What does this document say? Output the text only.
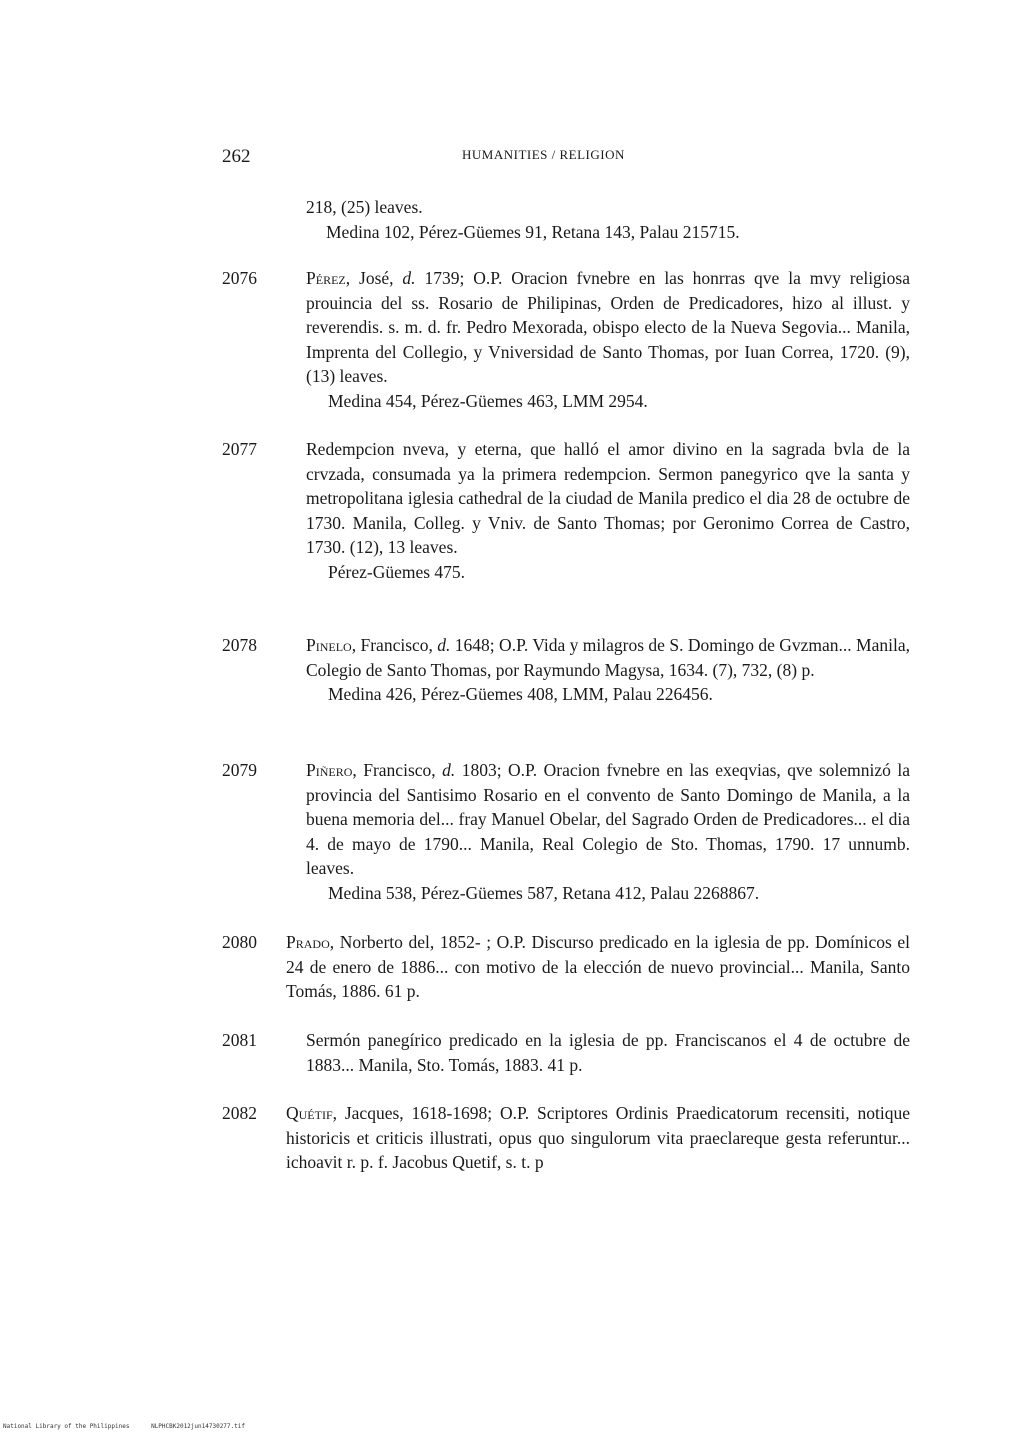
262	HUMANITIES / RELIGION

218, (25) leaves.

Medina 102, Pérez-Güemes 91, Retana 143, Palau 215715.

2076	Pérez, José, d. 1739; O.P. Oracion fvnebre en las honrras qve la mvy religiosa prouincia del ss. Rosario de Philipinas, Orden de Predicadores, hizo al illust. y reverendis. s. m. d. fr. Pedro Mexorada, obispo electo de la Nueva Segovia... Manila, Imprenta del Collegio, y Vniversidad de Santo Thomas, por Iuan Correa, 1720. (9), (13) leaves.

Medina 454, Pérez-Güemes 463, LMM 2954.

2077	Redempcion nveva, y eterna, que halló el amor divino en la sagrada bvla de la crvzada, consumada ya la primera redempcion. Sermon panegyrico qve la santa y metropolitana iglesia cathedral de la ciudad de Manila predico el dia 28 de octubre de 1730. Manila, Colleg. y Vniv. de Santo Thomas; por Geronimo Correa de Castro, 1730. (12), 13 leaves.

Pérez-Güemes 475.

2078	Pinelo, Francisco, d. 1648; O.P. Vida y milagros de S. Domingo de Gvzman... Manila, Colegio de Santo Thomas, por Raymundo Magysa, 1634. (7), 732, (8) p.

Medina 426, Pérez-Güemes 408, LMM, Palau 226456.

2079	Piñero, Francisco, d. 1803; O.P. Oracion fvnebre en las exeqvias, qve solemnizó la provincia del Santisimo Rosario en el convento de Santo Domingo de Manila, a la buena memoria del... fray Manuel Obelar, del Sagrado Orden de Predicadores... el dia 4. de mayo de 1790... Manila, Real Colegio de Sto. Thomas, 1790. 17 unnumb. leaves.

Medina 538, Pérez-Güemes 587, Retana 412, Palau 2268867.

2080 Prado, Norberto del, 1852- ; O.P. Discurso predicado en la iglesia de pp. Domínicos el 24 de enero de 1886... con motivo de la elección de nuevo provincial... Manila, Santo Tomás, 1886. 61 p.

2081	Sermón panegírico predicado en la iglesia de pp. Franciscanos el 4 de octubre de 1883... Manila, Sto. Tomás, 1883. 41 p.

2082 Quétif, Jacques, 1618-1698; O.P. Scriptores Ordinis Praedicatorum recensiti, notique historicis et criticis illustrati, opus quo singulorum vita praeclareque gesta referuntur... ichoavit r. p. f. Jacobus Quetif, s. t. p

National Library of the Philippines	NLPHCBK2012jun14730277.tif
